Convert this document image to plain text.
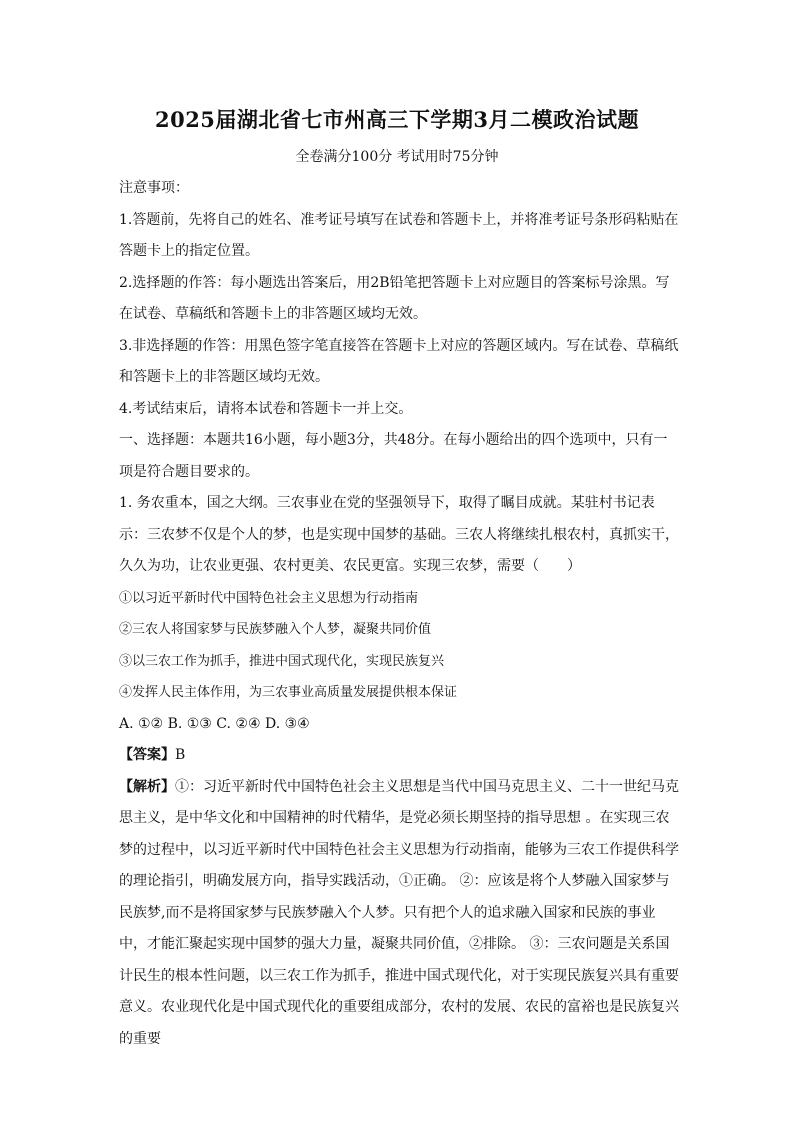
2025届湖北省七市州高三下学期3月二模政治试题
全卷满分100分 考试用时75分钟

注意事项：

1.答题前，先将自己的姓名、准考证号填写在试卷和答题卡上，并将准考证号条形码粘贴在答题卡上的指定位置。

2.选择题的作答：每小题选出答案后，用2B铅笔把答题卡上对应题目的答案标号涂黑。写在试卷、草稿纸和答题卡上的非答题区域均无效。

3.非选择题的作答：用黑色签字笔直接答在答题卡上对应的答题区域内。写在试卷、草稿纸和答题卡上的非答题区域均无效。

4.考试结束后，请将本试卷和答题卡一并上交。

一、选择题：本题共16小题，每小题3分，共48分。在每小题给出的四个选项中，只有一项是符合题目要求的。

1. 务农重本，国之大纲。三农事业在党的坚强领导下，取得了瞩目成就。某驻村书记表示：三农梦不仅是个人的梦，也是实现中国梦的基础。三农人将继续扎根农村，真抓实干，久久为功，让农业更强、农村更美、农民更富。实现三农梦，需要（　　）

①以习近平新时代中国特色社会主义思想为行动指南

②三农人将国家梦与民族梦融入个人梦，凝聚共同价值

③以三农工作为抓手，推进中国式现代化，实现民族复兴

④发挥人民主体作用，为三农事业高质量发展提供根本保证

A. ①② B. ①③ C. ②④ D. ③④

【答案】B

【解析】①：习近平新时代中国特色社会主义思想是当代中国马克思主义、二十一世纪马克思主义，是中华文化和中国精神的时代精华，是党必须长期坚持的指导思想 。在实现三农梦的过程中，以习近平新时代中国特色社会主义思想为行动指南，能够为三农工作提供科学的理论指引，明确发展方向，指导实践活动，①正确。 ②：应该是将个人梦融入国家梦与民族梦,而不是将国家梦与民族梦融入个人梦。只有把个人的追求融入国家和民族的事业中，才能汇聚起实现中国梦的强大力量，凝聚共同价值，②排除。 ③：三农问题是关系国计民生的根本性问题，以三农工作为抓手，推进中国式现代化，对于实现民族复兴具有重要意义。农业现代化是中国式现代化的重要组成部分，农村的发展、农民的富裕也是民族复兴的重要
